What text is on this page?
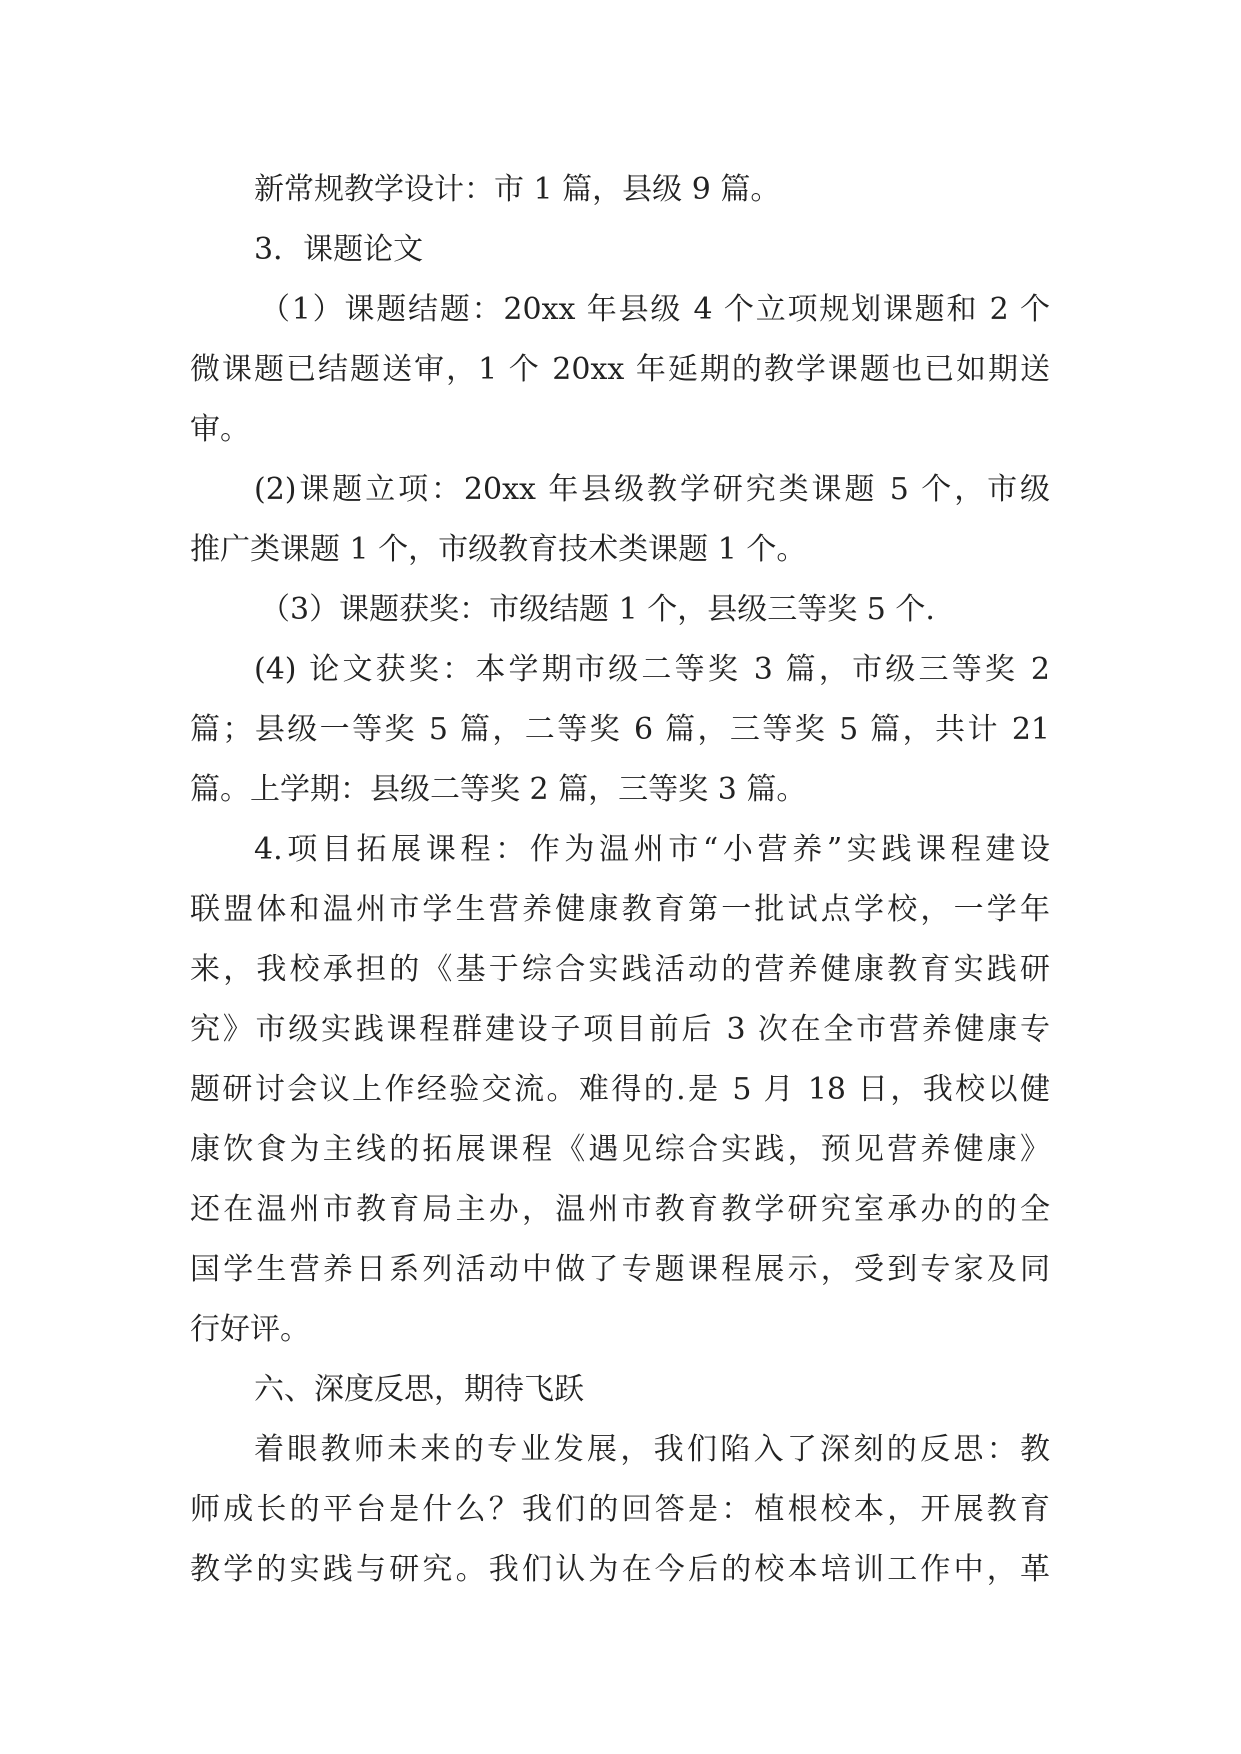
新常规教学设计：市 1 篇，县级 9 篇。
3．课题论文
（1）课题结题：20xx 年县级 4 个立项规划课题和 2 个
微课题已结题送审，1 个 20xx 年延期的教学课题也已如期送
审。
(2)课题立项：20xx 年县级教学研究类课题 5 个，市级
推广类课题 1 个，市级教育技术类课题 1 个。
（3）课题获奖：市级结题 1 个，县级三等奖 5 个.
(4) 论文获奖：本学期市级二等奖 3 篇，市级三等奖 2
篇；县级一等奖 5 篇，二等奖 6 篇，三等奖 5 篇，共计 21
篇。上学期：县级二等奖 2 篇，三等奖 3 篇。
4.项目拓展课程：作为温州市“小营养”实践课程建设
联盟体和温州市学生营养健康教育第一批试点学校，一学年
来，我校承担的《基于综合实践活动的营养健康教育实践研
究》市级实践课程群建设子项目前后 3 次在全市营养健康专
题研讨会议上作经验交流。难得的.是 5 月 18 日，我校以健
康饮食为主线的拓展课程《遇见综合实践，预见营养健康》
还在温州市教育局主办，温州市教育教学研究室承办的的全
国学生营养日系列活动中做了专题课程展示，受到专家及同
行好评。
六、深度反思，期待飞跃
着眼教师未来的专业发展，我们陷入了深刻的反思：教
师成长的平台是什么？我们的回答是：植根校本，开展教育
教学的实践与研究。我们认为在今后的校本培训工作中，革
